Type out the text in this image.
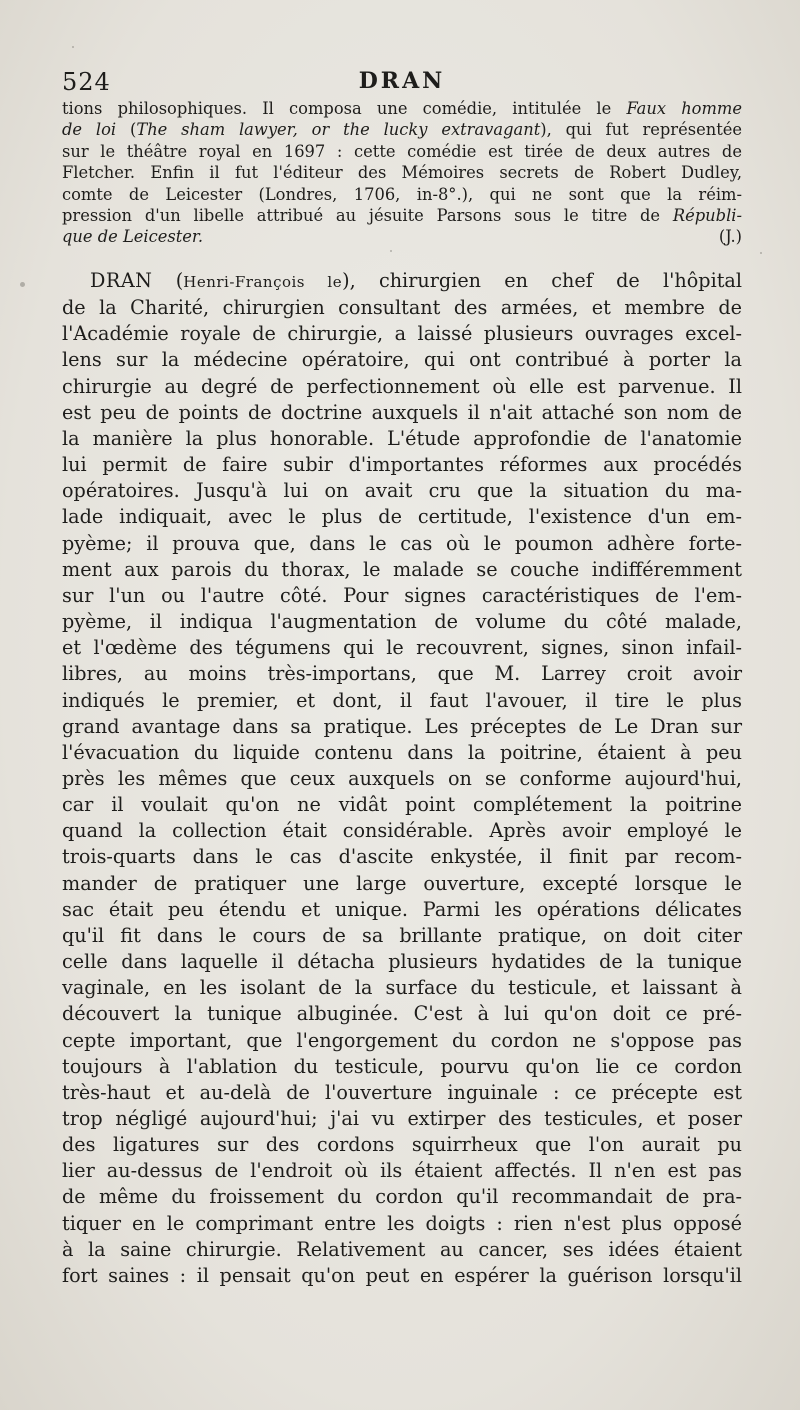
524	DRAN
tions philosophiques. Il composa une comédie, intitulée le Faux homme
de loi (The sham lawyer, or the lucky extravagant), qui fut représentée
sur le théâtre royal en 1697 : cette comédie est tirée de deux autres de
Fletcher. Enfin il fut l'éditeur des Mémoires secrets de Robert Dudley,
comte de Leicester (Londres, 1706, in-8°.), qui ne sont que la réim-
pression d'un libelle attribué au jésuite Parsons sous le titre de Républi-
que de Leicester.	(J.)
DRAN (Henri-François le), chirurgien en chef de l'hôpital
de la Charité, chirurgien consultant des armées, et membre de
l'Académie royale de chirurgie, a laissé plusieurs ouvrages excel-
lens sur la médecine opératoire, qui ont contribué à porter la
chirurgie au degré de perfectionnement où elle est parvenue. Il
est peu de points de doctrine auxquels il n'ait attaché son nom de
la manière la plus honorable. L'étude approfondie de l'anatomie
lui permit de faire subir d'importantes réformes aux procédés
opératoires. Jusqu'à lui on avait cru que la situation du ma-
lade indiquait, avec le plus de certitude, l'existence d'un em-
pyème; il prouva que, dans le cas où le poumon adhère forte-
ment aux parois du thorax, le malade se couche indifféremment
sur l'un ou l'autre côté. Pour signes caractéristiques de l'em-
pyème, il indiqua l'augmentation de volume du côté malade,
et l'œdème des tégumens qui le recouvrent, signes, sinon infail-
libres, au moins très-importans, que M. Larrey croit avoir
indiqués le premier, et dont, il faut l'avouer, il tire le plus
grand avantage dans sa pratique. Les préceptes de Le Dran sur
l'évacuation du liquide contenu dans la poitrine, étaient à peu
près les mêmes que ceux auxquels on se conforme aujourd'hui,
car il voulait qu'on ne vidât point complétement la poitrine
quand la collection était considérable. Après avoir employé le
trois-quarts dans le cas d'ascite enkystée, il finit par recom-
mander de pratiquer une large ouverture, excepté lorsque le
sac était peu étendu et unique. Parmi les opérations délicates
qu'il fit dans le cours de sa brillante pratique, on doit citer
celle dans laquelle il détacha plusieurs hydatides de la tunique
vaginale, en les isolant de la surface du testicule, et laissant à
découvert la tunique albuginée. C'est à lui qu'on doit ce pré-
cepte important, que l'engorgement du cordon ne s'oppose pas
toujours à l'ablation du testicule, pourvu qu'on lie ce cordon
très-haut et au-delà de l'ouverture inguinale : ce précepte est
trop négligé aujourd'hui; j'ai vu extirper des testicules, et poser
des ligatures sur des cordons squirrheux que l'on aurait pu
lier au-dessus de l'endroit où ils étaient affectés. Il n'en est pas
de même du froissement du cordon qu'il recommandait de pra-
tiquer en le comprimant entre les doigts : rien n'est plus opposé
à la saine chirurgie. Relativement au cancer, ses idées étaient
fort saines : il pensait qu'on peut en espérer la guérison lorsqu'il
